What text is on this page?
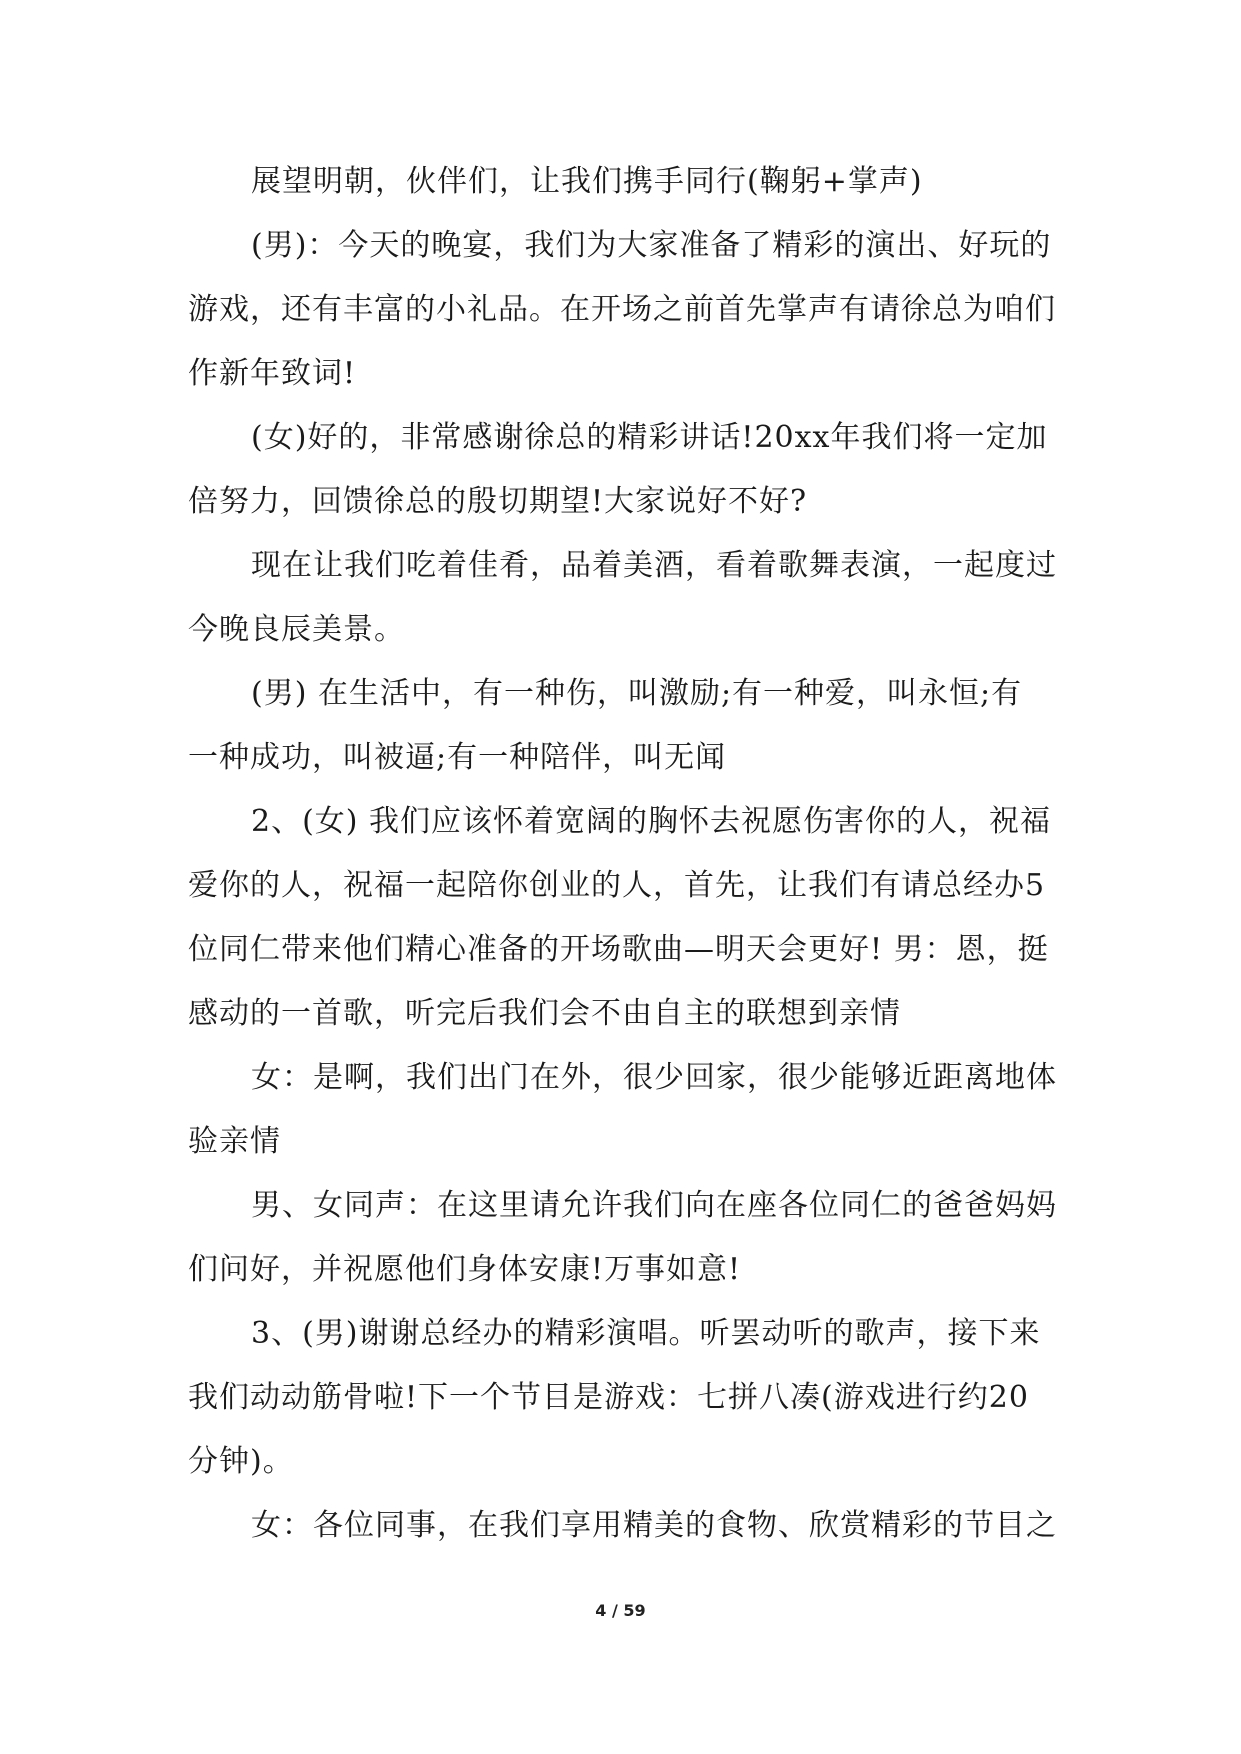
展望明朝，伙伴们，让我们携手同行(鞠躬+掌声)
(男)：今天的晚宴，我们为大家准备了精彩的演出、好玩的
游戏，还有丰富的小礼品。在开场之前首先掌声有请徐总为咱们
作新年致词!
(女)好的，非常感谢徐总的精彩讲话!20xx年我们将一定加
倍努力，回馈徐总的殷切期望!大家说好不好?
现在让我们吃着佳肴，品着美酒，看着歌舞表演，一起度过
今晚良辰美景。
(男) 在生活中，有一种伤，叫激励;有一种爱，叫永恒;有
一种成功，叫被逼;有一种陪伴，叫无闻
2、(女) 我们应该怀着宽阔的胸怀去祝愿伤害你的人，祝福
爱你的人，祝福一起陪你创业的人，首先，让我们有请总经办5
位同仁带来他们精心准备的开场歌曲—明天会更好! 男：恩，挺
感动的一首歌，听完后我们会不由自主的联想到亲情
女：是啊，我们出门在外，很少回家，很少能够近距离地体
验亲情
男、女同声：在这里请允许我们向在座各位同仁的爸爸妈妈
们问好，并祝愿他们身体安康!万事如意!
3、(男)谢谢总经办的精彩演唱。听罢动听的歌声，接下来
我们动动筋骨啦!下一个节目是游戏：七拼八凑(游戏进行约20
分钟)。
女：各位同事，在我们享用精美的食物、欣赏精彩的节目之
4 / 59
